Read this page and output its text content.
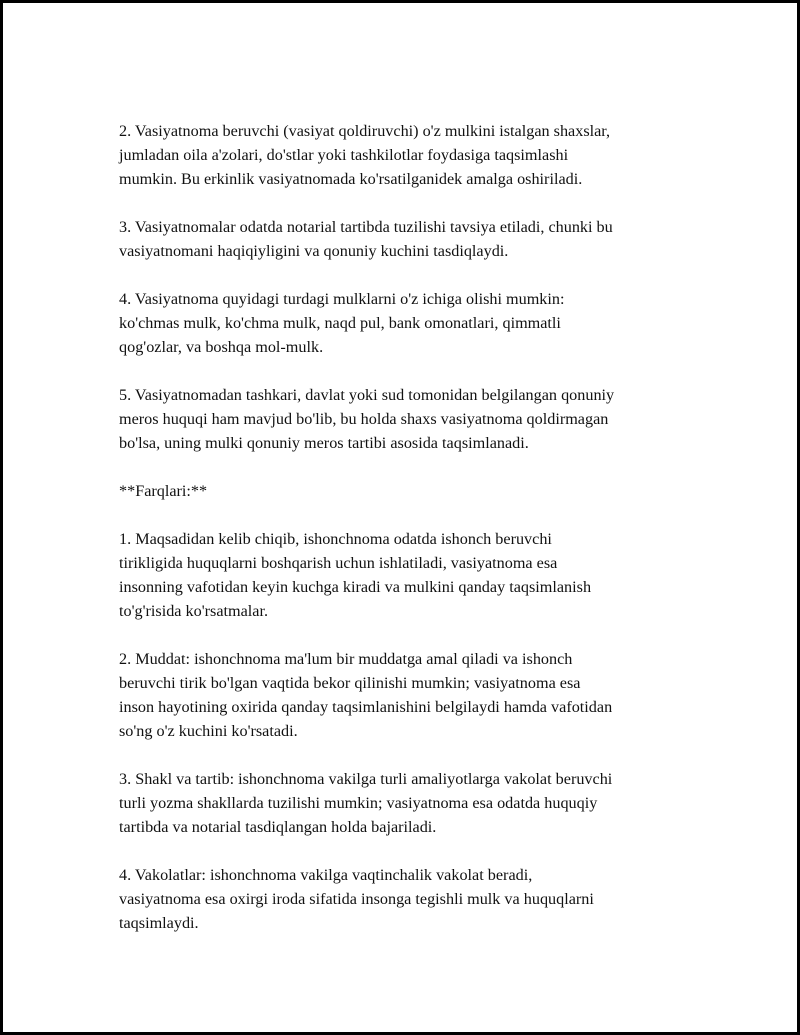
2. Vasiyatnoma beruvchi (vasiyat qoldiruvchi) o'z mulkini istalgan shaxslar,
jumladan oila a'zolari, do'stlar yoki tashkilotlar foydasiga taqsimlashi
mumkin. Bu erkinlik vasiyatnomada ko'rsatilganidek amalga oshiriladi.

3. Vasiyatnomalar odatda notarial tartibda tuzilishi tavsiya etiladi, chunki bu
vasiyatnomani haqiqiyligini va qonuniy kuchini tasdiqlaydi.

4. Vasiyatnoma quyidagi turdagi mulklarni o'z ichiga olishi mumkin:
ko'chmas mulk, ko'chma mulk, naqd pul, bank omonatlari, qimmatli
qog'ozlar, va boshqa mol-mulk.

5. Vasiyatnomadan tashkari, davlat yoki sud tomonidan belgilangan qonuniy
meros huquqi ham mavjud bo'lib, bu holda shaxs vasiyatnoma qoldirmagan
bo'lsa, uning mulki qonuniy meros tartibi asosida taqsimlanadi.

**Farqlari:**

1. Maqsadidan kelib chiqib, ishonchnoma odatda ishonch beruvchi
tirikligida huquqlarni boshqarish uchun ishlatiladi, vasiyatnoma esa
insonning vafotidan keyin kuchga kiradi va mulkini qanday taqsimlanish
to'g'risida ko'rsatmalar.

2. Muddat: ishonchnoma ma'lum bir muddatga amal qiladi va ishonch
beruvchi tirik bo'lgan vaqtida bekor qilinishi mumkin; vasiyatnoma esa
inson hayotining oxirida qanday taqsimlanishini belgilaydi hamda vafotidan
so'ng o'z kuchini ko'rsatadi.

3. Shakl va tartib: ishonchnoma vakilga turli amaliyotlarga vakolat beruvchi
turli yozma shakllarda tuzilishi mumkin; vasiyatnoma esa odatda huquqiy
tartibda va notarial tasdiqlangan holda bajariladi.

4. Vakolatlar: ishonchnoma vakilga vaqtinchalik vakolat beradi,
vasiyatnoma esa oxirgi iroda sifatida insonga tegishli mulk va huquqlarni
taqsimlaydi.
